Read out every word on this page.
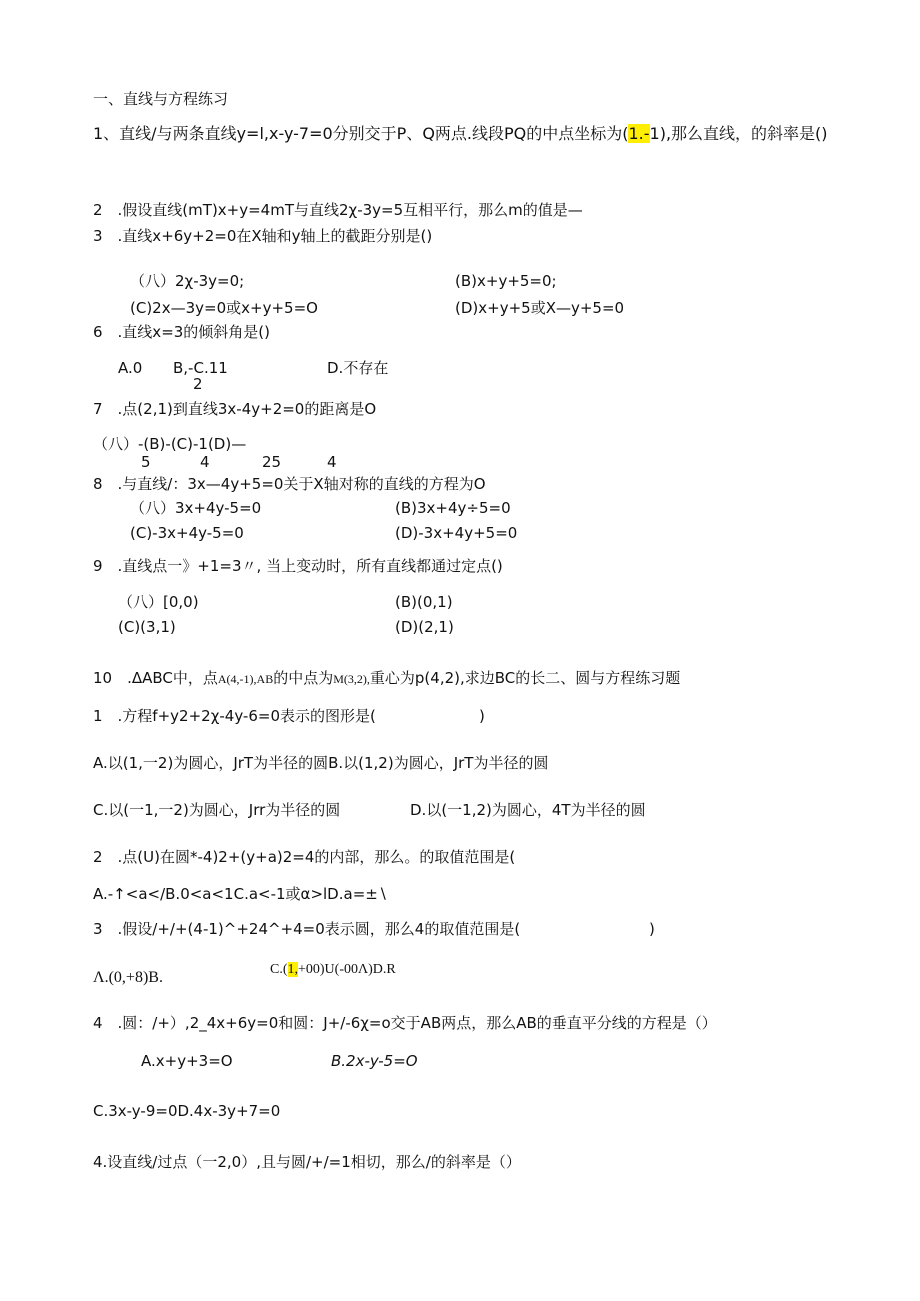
一、直线与方程练习
1、直线/与两条直线y=l,x-y-7=0分别交于P、Q两点.线段PQ的中点坐标为(1.-1),那么直线，的斜率是()
2　.假设直线(mT)x+y=4mT与直线2χ-3y=5互相平行，那么m的值是—
3　.直线x+6y+2=0在X轴和y轴上的截距分别是()
（八）2χ-3y=0;	(B)x+y+5=0;
(C)2x—3y=0或x+y+5=O	(D)x+y+5或X—y+5=0
6　.直线x=3的倾斜角是()
A.0 B,-C.11
2
D.不存在
7　.点(2,1)到直线3x-4y+2=0的距离是O
（八）-(B)-(C)-1(D)—
5	4	25	4
8　.与直线/：3x—4y+5=0关于X轴对称的直线的方程为O
（八）3x+4y-5=0	(B)3x+4y÷5=0
(C)-3x+4y-5=0	(D)-3x+4y+5=0
9　.直线点一》+1=3〃, 当上变动时，所有直线都通过定点()
（八）[0,0)	(B)(0,1)
(C)(3,1)	(D)(2,1)
10　.ΔABC中，点A(4,-1),AB的中点为M(3,2),重心为p(4,2),求边BC的长二、圆与方程练习题
1　.方程f+y2+2χ-4y-6=0表示的图形是(	)
A.以(1,一2)为圆心，JrT为半径的圆B.以(1,2)为圆心，JrT为半径的圆
C.以(一1,一2)为圆心，Jrr为半径的圆	D.以(一1,2)为圆心，4T为半径的圆
2　.点(U)在圆*-4)2+(y+a)2=4的内部，那么。的取值范围是(
A.-↑<a</B.0<a<1C.a<-1或α>lD.a=±∖
3　.假设/+/+(4-1)^+24^+4=0表示圆，那么4的取值范围是(	)
Λ.(0,+8)B.	C.(1,+00)U(-00Λ)D.R
4　.圆：/+）,2_4x+6y=0和圆：J+/-6χ=o交于AB两点，那么AB的垂直平分线的方程是（）
A.x+y+3=O	B.2x-y-5=O
C.3x-y-9=0D.4x-3y+7=0
4.设直线/过点（一2,0）,且与圆/+/=1相切，那么/的斜率是（）
